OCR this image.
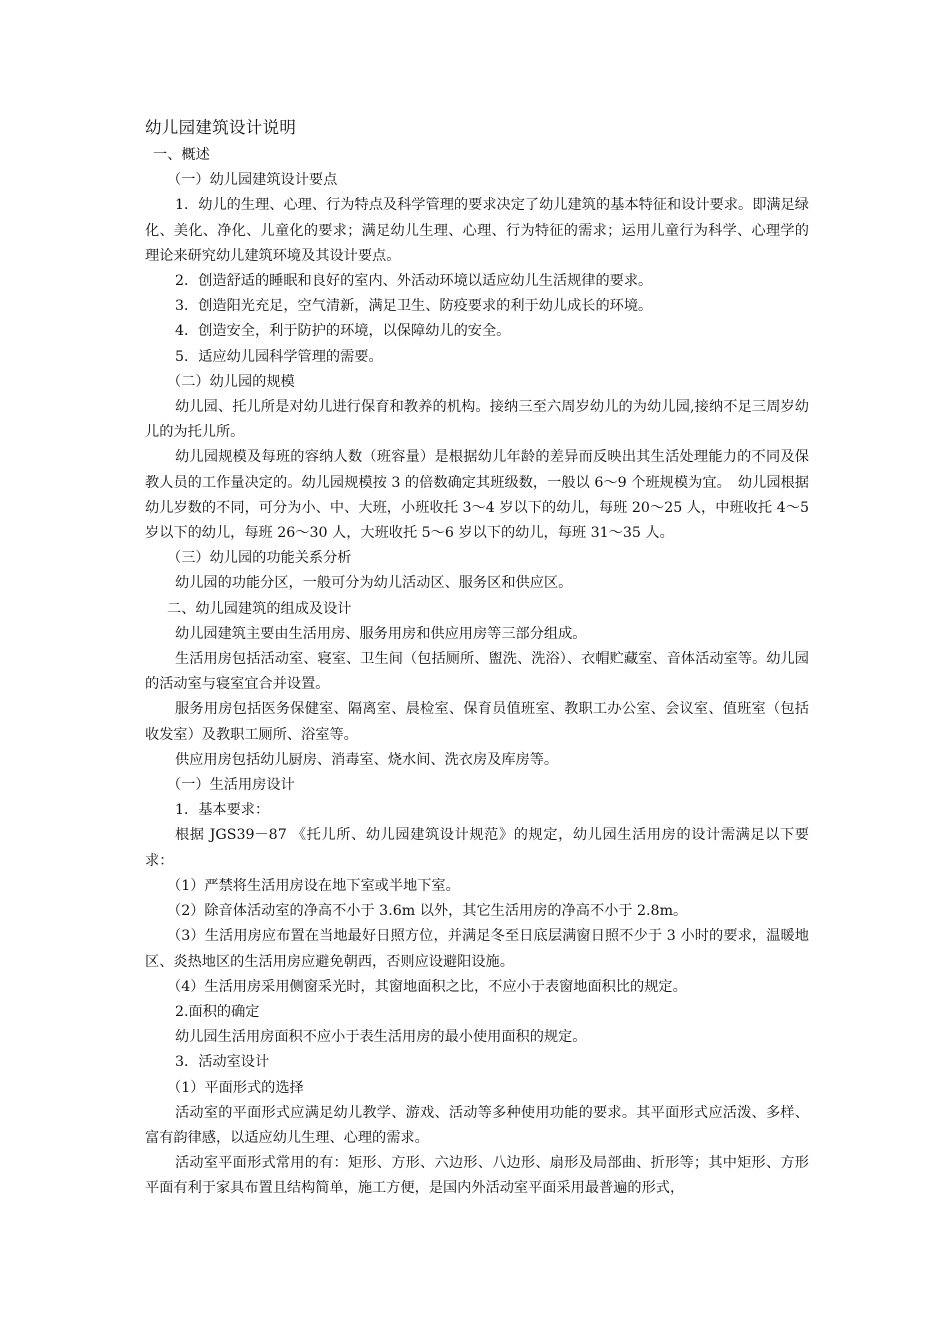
幼儿园建筑设计说明

一、概述

（一）幼儿园建筑设计要点

1．幼儿的生理、心理、行为特点及科学管理的要求决定了幼儿建筑的基本特征和设计要求。即满足绿化、美化、净化、儿童化的要求；满足幼儿生理、心理、行为特征的需求；运用儿童行为科学、心理学的理论来研究幼儿建筑环境及其设计要点。

2．创造舒适的睡眠和良好的室内、外活动环境以适应幼儿生活规律的要求。

3．创造阳光充足，空气清新，满足卫生、防疫要求的利于幼儿成长的环境。

4．创造安全，利于防护的环境，以保障幼儿的安全。

5．适应幼儿园科学管理的需要。

（二）幼儿园的规模

幼儿园、托儿所是对幼儿进行保育和教养的机构。接纳三至六周岁幼儿的为幼儿园,接纳不足三周岁幼儿的为托儿所。

幼儿园规模及每班的容纳人数（班容量）是根据幼儿年龄的差异而反映出其生活处理能力的不同及保教人员的工作量决定的。幼儿园规模按 3 的倍数确定其班级数，一般以 6～9 个班规模为宜。　幼儿园根据幼儿岁数的不同，可分为小、中、大班，小班收托 3～4 岁以下的幼儿，每班 20～25 人，中班收托 4～5 岁以下的幼儿，每班 26～30 人，大班收托 5～6 岁以下的幼儿，每班 31～35 人。

（三）幼儿园的功能关系分析

幼儿园的功能分区，一般可分为幼儿活动区、服务区和供应区。

二、幼儿园建筑的组成及设计

幼儿园建筑主要由生活用房、服务用房和供应用房等三部分组成。

生活用房包括活动室、寝室、卫生间（包括厕所、盥洗、洗浴）、衣帽贮藏室、音体活动室等。幼儿园的活动室与寝室宜合并设置。

服务用房包括医务保健室、隔离室、晨检室、保育员值班室、教职工办公室、会议室、值班室（包括收发室）及教职工厕所、浴室等。

供应用房包括幼儿厨房、消毒室、烧水间、洗衣房及库房等。

（一）生活用房设计

1．基本要求：

根据 JGS39－87 《托儿所、幼儿园建筑设计规范》的规定，幼儿园生活用房的设计需满足以下要求：

（1）严禁将生活用房设在地下室或半地下室。

（2）除音体活动室的净高不小于 3.6m 以外，其它生活用房的净高不小于 2.8m。

（3）生活用房应布置在当地最好日照方位，并满足冬至日底层满窗日照不少于 3 小时的要求，温暖地区、炎热地区的生活用房应避免朝西，否则应设避阳设施。

（4）生活用房采用侧窗采光时，其窗地面积之比，不应小于表窗地面积比的规定。

2.面积的确定

幼儿园生活用房面积不应小于表生活用房的最小使用面积的规定。

3．活动室设计

（1）平面形式的选择

活动室的平面形式应满足幼儿教学、游戏、活动等多种使用功能的要求。其平面形式应活泼、多样、富有韵律感，以适应幼儿生理、心理的需求。

活动室平面形式常用的有：矩形、方形、六边形、八边形、扇形及局部曲、折形等；其中矩形、方形平面有利于家具布置且结构简单，施工方便，是国内外活动室平面采用最普遍的形式，
